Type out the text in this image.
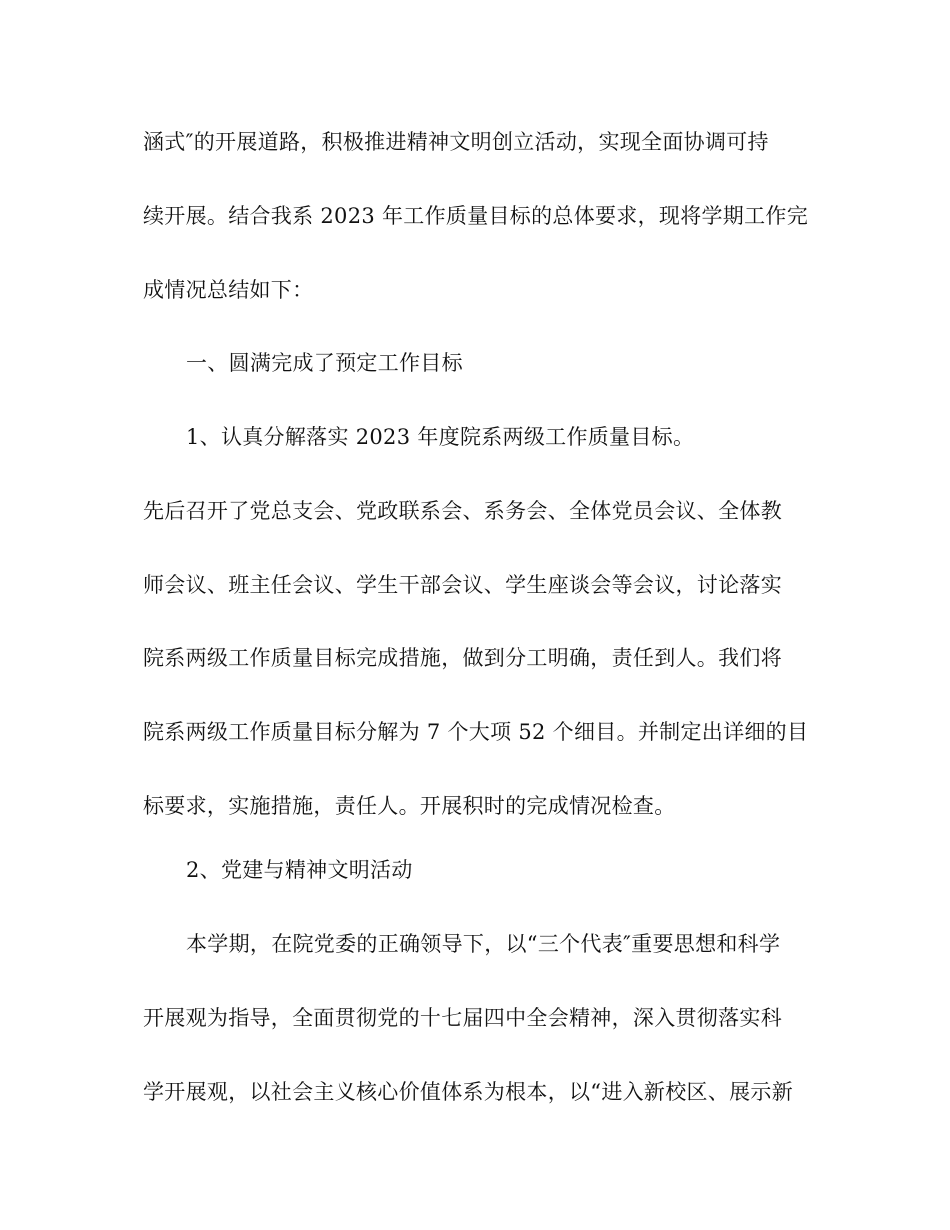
涵式″的开展道路，积极推进精神文明创立活动，实现全面协调可持
续开展。结合我系 2023 年工作质量目标的总体要求，现将学期工作完
成情况总结如下：
一、圆满完成了预定工作目标
1、认真分解落实 2023 年度院系两级工作质量目标。
先后召开了党总支会、党政联系会、系务会、全体党员会议、全体教
师会议、班主任会议、学生干部会议、学生座谈会等会议，讨论落实
院系两级工作质量目标完成措施，做到分工明确，责任到人。我们将
院系两级工作质量目标分解为 7 个大项 52 个细目。并制定出详细的目
标要求，实施措施，责任人。开展积时的完成情况检查。
2、党建与精神文明活动
本学期，在院党委的正确领导下，以“三个代表″重要思想和科学
开展观为指导，全面贯彻党的十七届四中全会精神，深入贯彻落实科
学开展观，以社会主义核心价值体系为根本，以“进入新校区、展示新
